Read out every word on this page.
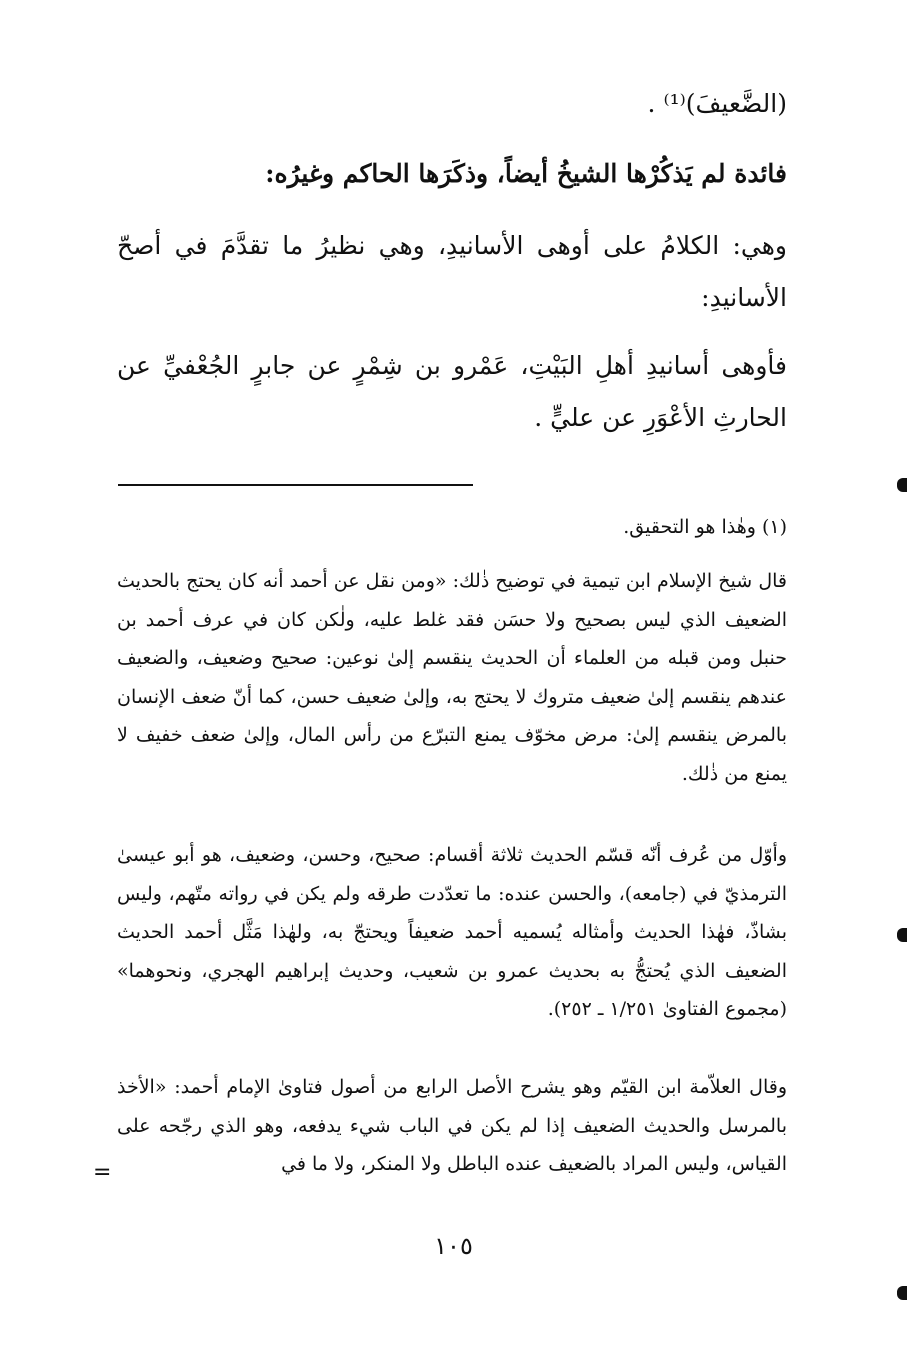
(الضَّعيفَ)⁽¹⁾ .
فائدة لم يَذكُرْها الشيخُ أيضاً، وذكَرَها الحاكم وغيرُه:
وهي: الكلامُ على أوهى الأسانيدِ، وهي نظيرُ ما تقدَّمَ في أصحّ الأسانيدِ:
فأوهى أسانيدِ أهلِ البَيْتِ، عَمْرو بن شِمْرٍ عن جابرٍ الجُعْفيِّ عن الحارثِ الأعْوَرِ عن عليٍّ .
(١) وهٰذا هو التحقيق.
قال شيخ الإسلام ابن تيمية في توضيح ذٰلك: «ومن نقل عن أحمد أنه كان يحتج بالحديث الضعيف الذي ليس بصحيح ولا حسَن فقد غلط عليه، ولٰكن كان في عرف أحمد بن حنبل ومن قبله من العلماء أن الحديث ينقسم إلىٰ نوعين: صحيح وضعيف، والضعيف عندهم ينقسم إلىٰ ضعيف متروك لا يحتج به، وإلىٰ ضعيف حسن، كما أنّ ضعف الإنسان بالمرض ينقسم إلىٰ: مرض مخوّف يمنع التبرّع من رأس المال، وإلىٰ ضعف خفيف لا يمنع من ذٰلك.
وأوّل من عُرف أنّه قسّم الحديث ثلاثة أقسام: صحيح، وحسن، وضعيف، هو أبو عيسىٰ الترمذيّ في (جامعه)، والحسن عنده: ما تعدّدت طرقه ولم يكن في رواته متّهم، وليس بشاذّ، فهٰذا الحديث وأمثاله يُسميه أحمد ضعيفاً ويحتجّ به، ولهٰذا مَثَّل أحمد الحديث الضعيف الذي يُحتجُّ به بحديث عمرو بن شعيب، وحديث إبراهيم الهجري، ونحوهما» (مجموع الفتاوىٰ ١/٢٥١ ـ ٢٥٢).
وقال العلاّمة ابن القيّم وهو يشرح الأصل الرابع من أصول فتاوىٰ الإمام أحمد: «الأخذ بالمرسل والحديث الضعيف إذا لم يكن في الباب شيء يدفعه، وهو الذي رجّحه على القياس، وليس المراد بالضعيف عنده الباطل ولا المنكر، ولا ما في
=
١٠٥
